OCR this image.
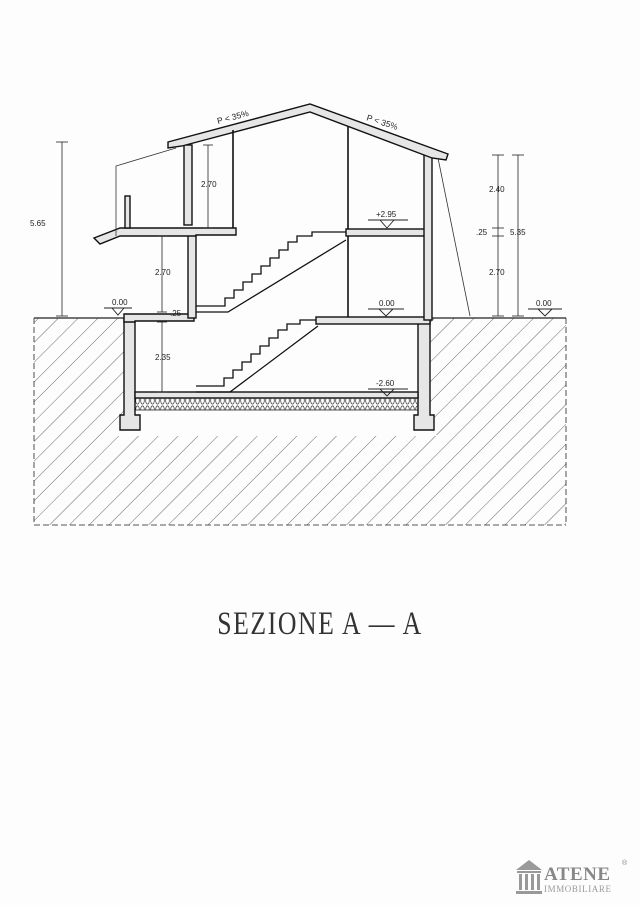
P < 35%	P < 35%
5.65
2.70
2.70
.25
2.35
2.40
.25
2.70
5.35
0.00
+2.95
0.00	0.00
-2.60
SEZIONE A — A
ATENE
IMMOBILIARE
®
